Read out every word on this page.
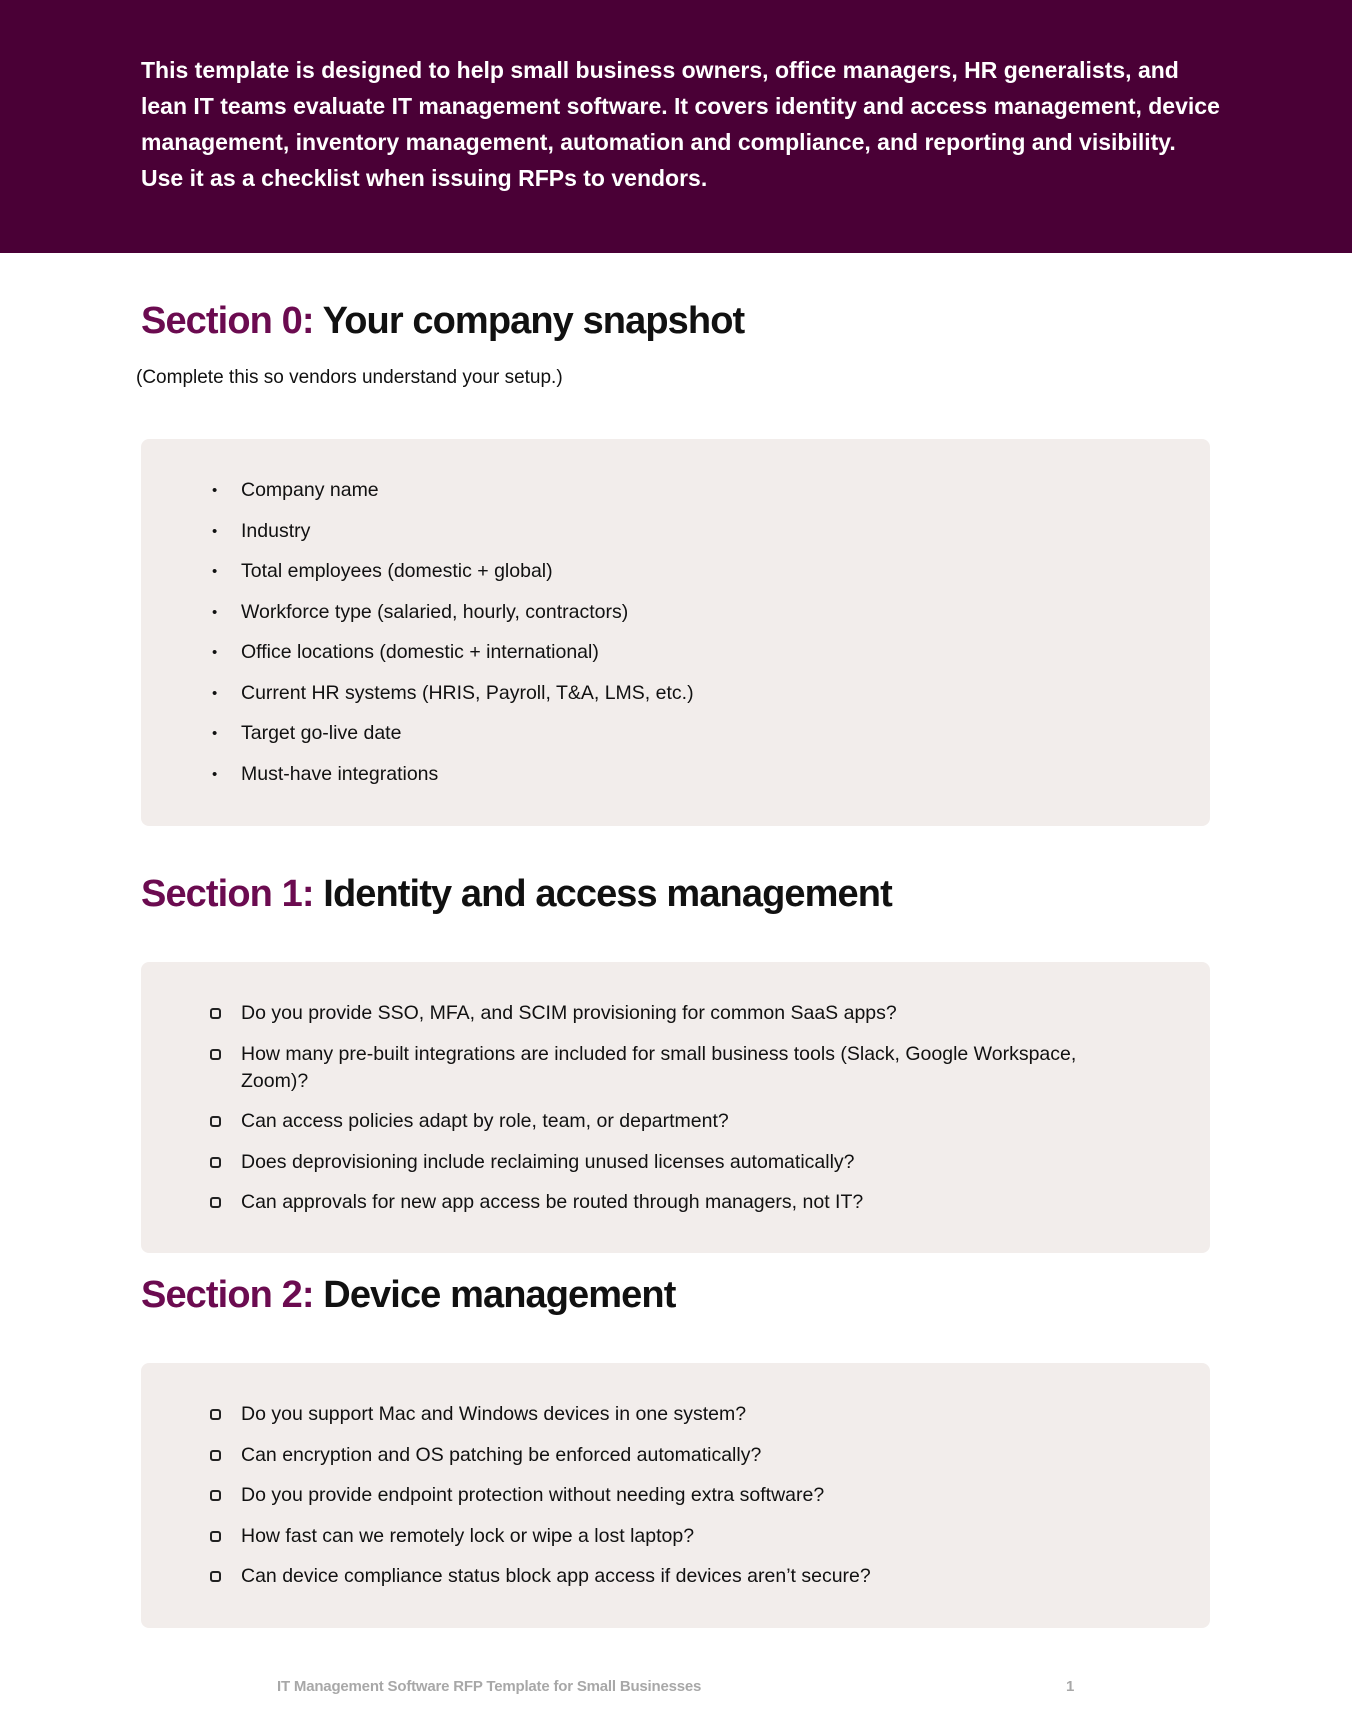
This template is designed to help small business owners, office managers, HR generalists, and lean IT teams evaluate IT management software. It covers identity and access management, device management, inventory management, automation and compliance, and reporting and visibility. Use it as a checklist when issuing RFPs to vendors.

Section 0: Your company snapshot

(Complete this so vendors understand your setup.)

• Company name
• Industry
• Total employees (domestic + global)
• Workforce type (salaried, hourly, contractors)
• Office locations (domestic + international)
• Current HR systems (HRIS, Payroll, T&A, LMS, etc.)
• Target go-live date
• Must-have integrations
Section 1: Identity and access management
Do you provide SSO, MFA, and SCIM provisioning for common SaaS apps?
How many pre-built integrations are included for small business tools (Slack, Google Workspace, Zoom)?
Can access policies adapt by role, team, or department?
Does deprovisioning include reclaiming unused licenses automatically?
Can approvals for new app access be routed through managers, not IT?
Section 2: Device management
Do you support Mac and Windows devices in one system?
Can encryption and OS patching be enforced automatically?
Do you provide endpoint protection without needing extra software?
How fast can we remotely lock or wipe a lost laptop?
Can device compliance status block app access if devices aren’t secure?
IT Management Software RFP Template for Small Businesses	1
